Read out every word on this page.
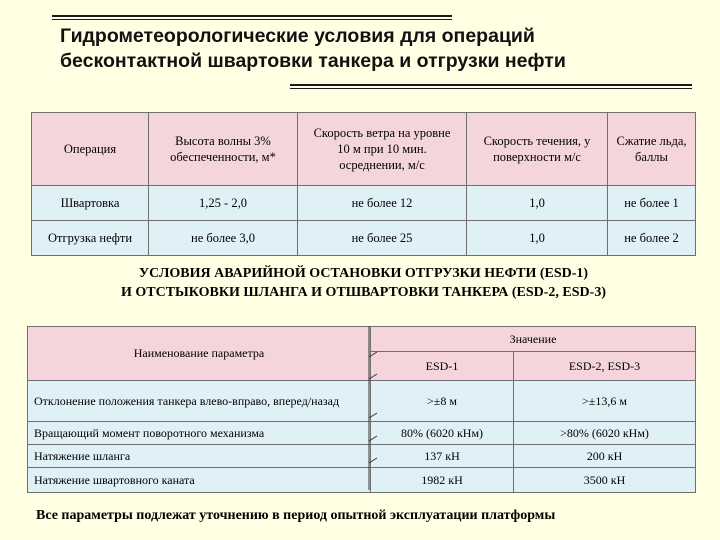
Гидрометеорологические условия для операций
бесконтактной швартовки танкера и отгрузки нефти
Операция	Высота волны 3% обеспеченности, м*	Скорость ветра на уровне 10 м при 10 мин. осреднении, м/с	Скорость течения, у поверхности м/с	Сжатие льда, баллы
Швартовка	1,25 - 2,0	не более 12	1,0	не более 1
Отгрузка нефти	не более 3,0	не более 25	1,0	не более 2
УСЛОВИЯ АВАРИЙНОЙ ОСТАНОВКИ ОТГРУЗКИ НЕФТИ (ESD-1)
И ОТСТЫКОВКИ ШЛАНГА И ОТШВАРТОВКИ ТАНКЕРА (ESD-2, ESD-3)
Наименование параметра	Значение	
	ESD-1	ESD-2, ESD-3
Отклонение положения танкера влево-вправо, вперед/назад	>±8 м	>±13,6 м
Вращающий момент поворотного механизма	80% (6020 кНм)	>80% (6020 кНм)
Натяжение шланга	137 кН	200 кН
Натяжение швартовного каната	1982 кН	3500 кН
Все параметры подлежат уточнению в период опытной эксплуатации платформы
